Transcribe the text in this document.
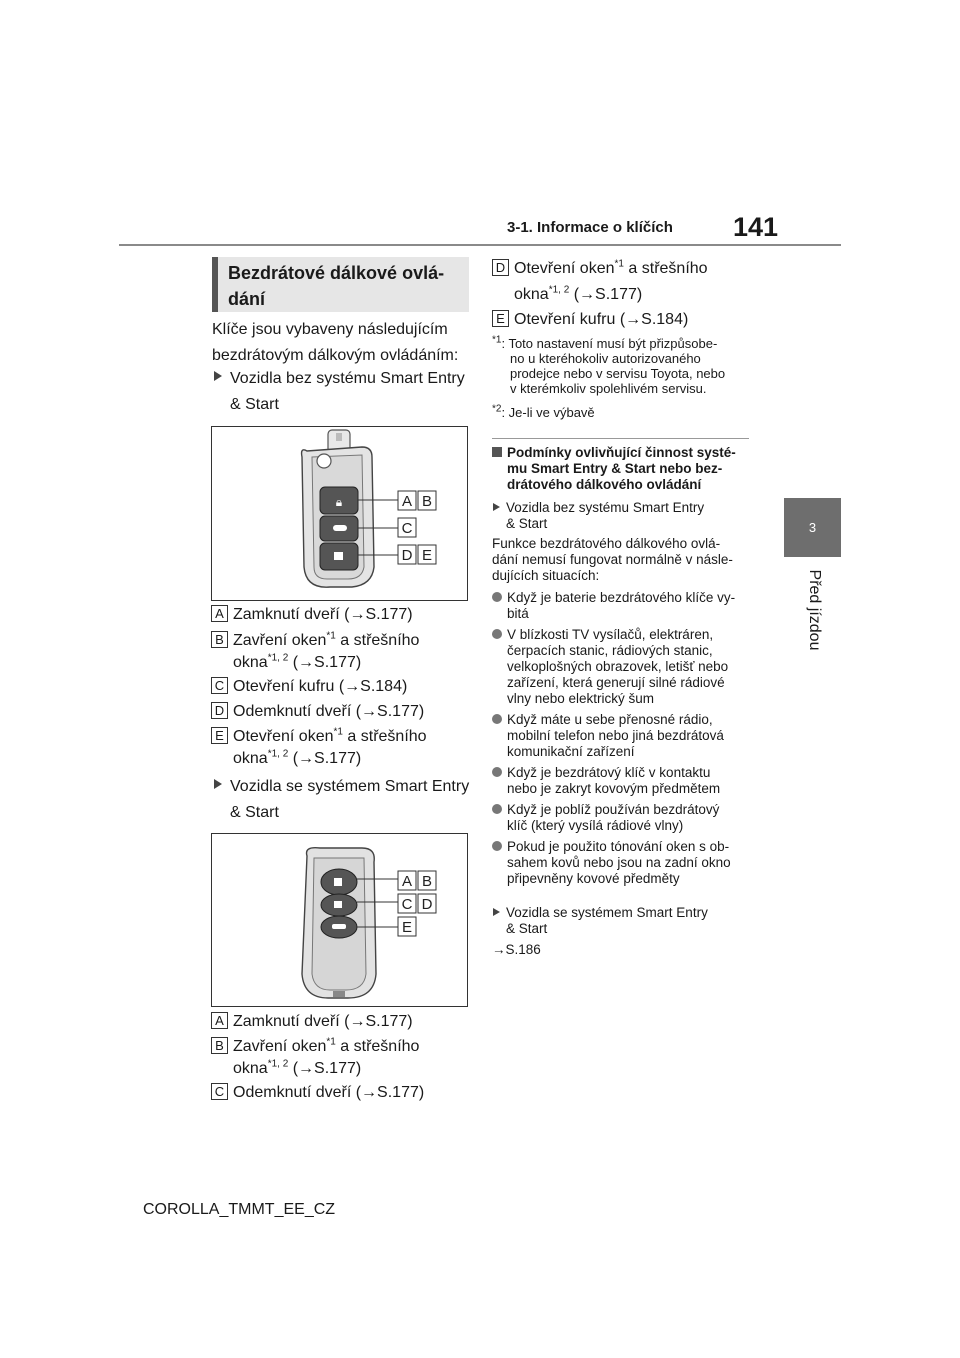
3-1. Informace o klíčích 141
3
Před jízdou
Bezdrátové dálkové ovlá-
dání
Klíče jsou vybaveny následujícím
bezdrátovým dálkovým ovládáním:
Vozidla bez systému Smart Entry
& Start
🔒︎	A B
C
D E
A Zamknutí dveří (→S.177)
B Zavření oken$^{*1}$ a střešního
okna$^{*1, 2}$ (→S.177)
C Otevření kufru (→S.184)
D Odemknutí dveří (→S.177)
E Otevření oken$^{*1}$ a střešního
okna$^{*1, 2}$ (→S.177)
Vozidla se systémem Smart Entry
& Start
A B
C D
E
A Zamknutí dveří (→S.177)
B Zavření oken$^{*1}$ a střešního
okna$^{*1, 2}$ (→S.177)
C Odemknutí dveří (→S.177)
D Otevření oken$^{*1}$ a střešního
okna$^{*1, 2}$ (→S.177)
E Otevření kufru (→S.184)
$^{*1}$: Toto nastavení musí být přizpůsobe-
no u kteréhokoliv autorizovaného
prodejce nebo v servisu Toyota, nebo
v kterémkoliv spolehlivém servisu.
$^{*2}$: Je-li ve výbavě
Podmínky ovlivňující činnost systé-
mu Smart Entry & Start nebo bez-
drátového dálkového ovládání
Vozidla bez systému Smart Entry
& Start
Funkce bezdrátového dálkového ovlá-
dání nemusí fungovat normálně v násle-
dujících situacích:
Když je baterie bezdrátového klíče vy-
bitá
V blízkosti TV vysílačů, elektráren,
čerpacích stanic, rádiových stanic,
velkoplošných obrazovek, letišť nebo
zařízení, která generují silné rádiové
vlny nebo elektrický šum
Když máte u sebe přenosné rádio,
mobilní telefon nebo jiná bezdrátová
komunikační zařízení
Když je bezdrátový klíč v kontaktu
nebo je zakryt kovovým předmětem
Když je poblíž používán bezdrátový
klíč (který vysílá rádiové vlny)
Pokud je použito tónování oken s ob-
sahem kovů nebo jsou na zadní okno
připevněny kovové předměty
Vozidla se systémem Smart Entry
& Start
→S.186
COROLLA_TMMT_EE_CZ
